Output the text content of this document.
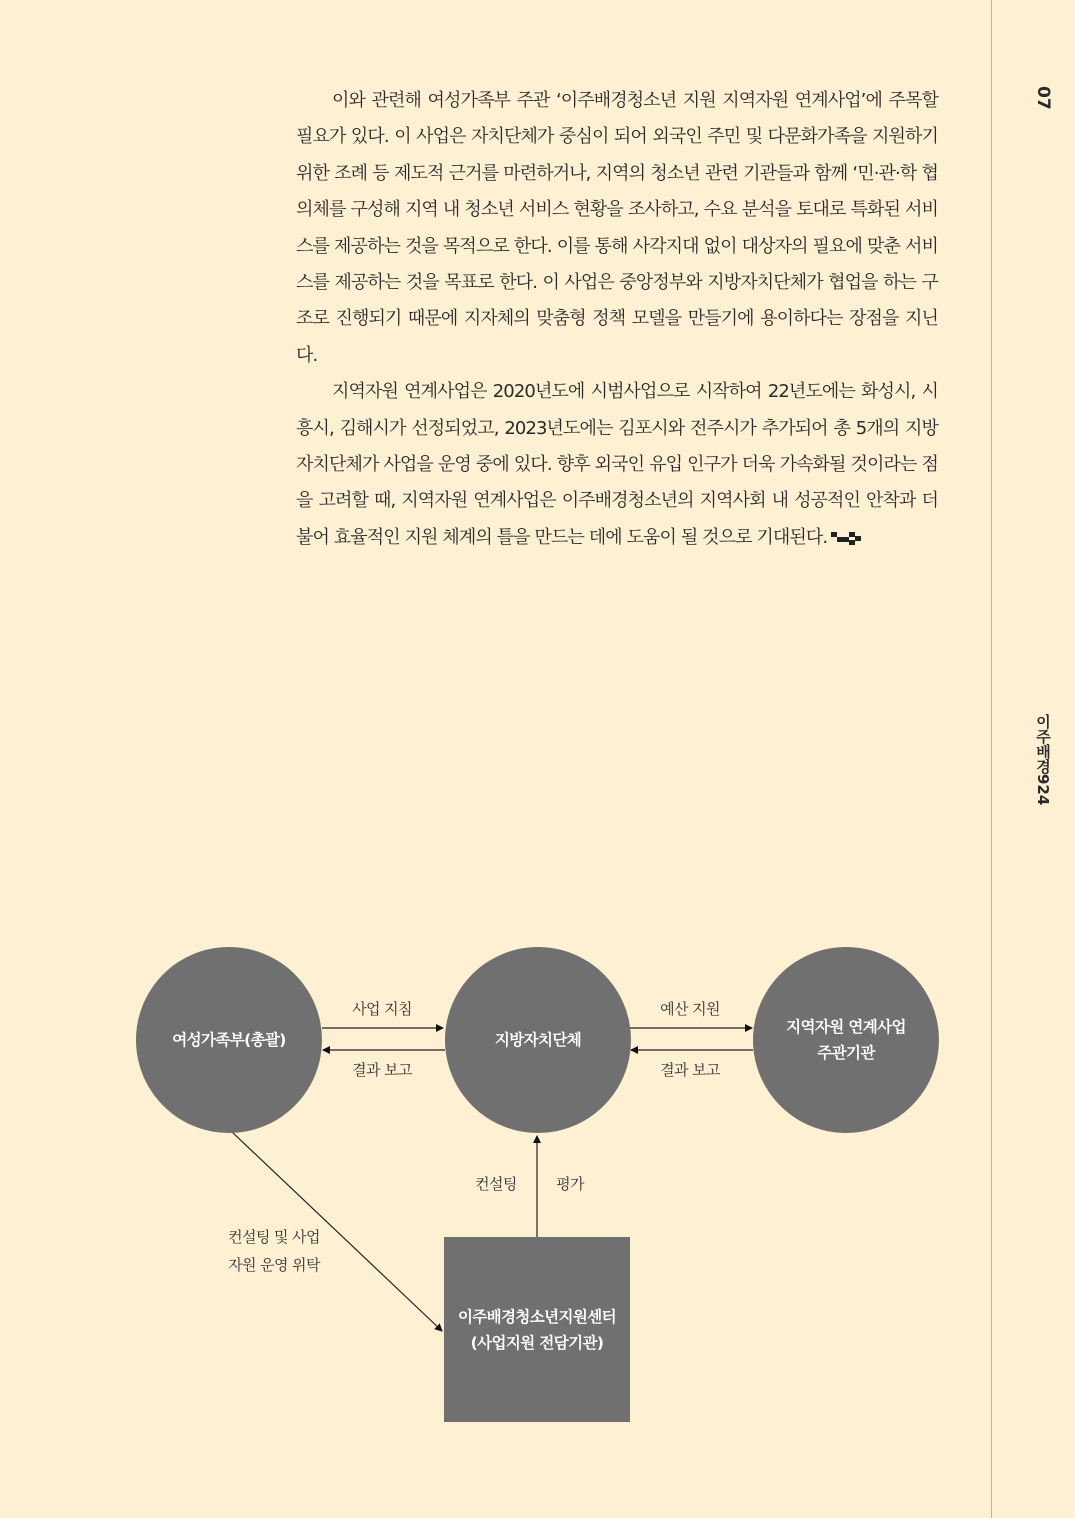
07
이주배경924

이와 관련해 여성가족부 주관 ‘이주배경청소년 지원 지역자원 연계사업’에 주목할 필요가 있다. 이 사업은 자치단체가 중심이 되어 외국인 주민 및 다문화가족을 지원하기 위한 조례 등 제도적 근거를 마련하거나, 지역의 청소년 관련 기관들과 함께 ‘민·관·학 협의체를 구성해 지역 내 청소년 서비스 현황을 조사하고, 수요 분석을 토대로 특화된 서비스를 제공하는 것을 목적으로 한다. 이를 통해 사각지대 없이 대상자의 필요에 맞춘 서비스를 제공하는 것을 목표로 한다. 이 사업은 중앙정부와 지방자치단체가 협업을 하는 구조로 진행되기 때문에 지자체의 맞춤형 정책 모델을 만들기에 용이하다는 장점을 지닌다.

지역자원 연계사업은 2020년도에 시범사업으로 시작하여 22년도에는 화성시, 시흥시, 김해시가 선정되었고, 2023년도에는 김포시와 전주시가 추가되어 총 5개의 지방자치단체가 사업을 운영 중에 있다. 향후 외국인 유입 인구가 더욱 가속화될 것이라는 점을 고려할 때, 지역자원 연계사업은 이주배경청소년의 지역사회 내 성공적인 안착과 더불어 효율적인 지원 체계의 틀을 만드는 데에 도움이 될 것으로 기대된다.

여성가족부(총괄)	지방자치단체
지역자원 연계사업
주관기관
이주배경청소년지원센터
(사업지원 전담기관)
사업 지침
결과 보고
예산 지원
결과 보고
컨설팅	평가
컨설팅 및 사업
자원 운영 위탁
